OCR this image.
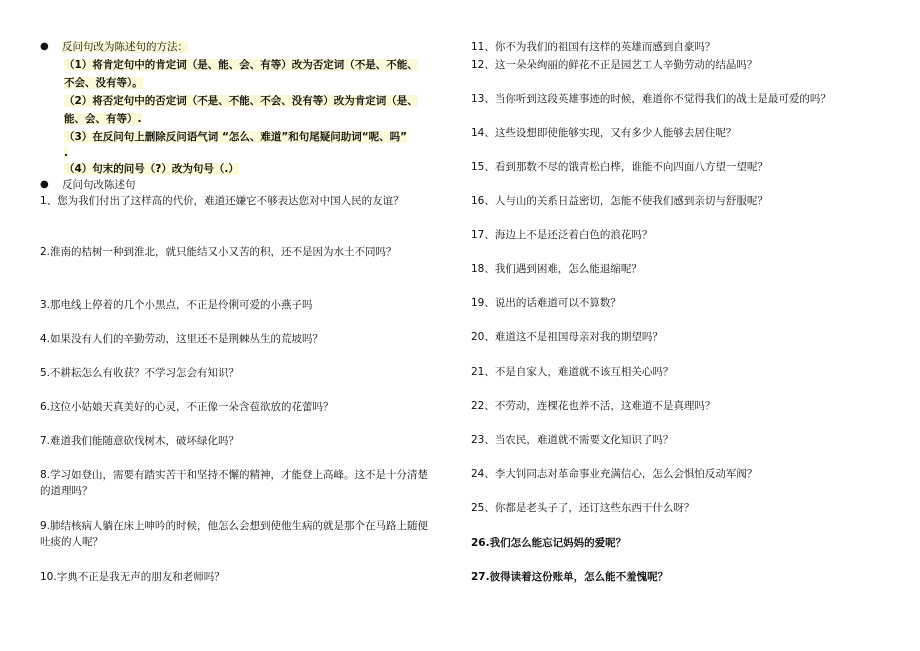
● 反问句改为陈述句的方法：
（1）将肯定句中的肯定词（是、能、会、有等）改为否定词（不是、不能、
不会、没有等）。
（2）将否定句中的否定词（不是、不能、不会、没有等）改为肯定词（是、
能、会、有等）.
（3）在反问句上删除反问语气词 “怎么、难道”和句尾疑问助词“呢、吗”
.
（4）句末的问号（?）改为句号（.）
● 反问句改陈述句
1、您为我们付出了这样高的代价，难道还嫌它不够表达您对中国人民的友谊？
2.淮南的桔树一种到淮北，就只能结又小又苦的积，还不是因为水土不同吗？
3.那电线上停着的几个小黑点，不正是伶俐可爱的小燕子吗
4.如果没有人们的辛勤劳动，这里还不是荆棘丛生的荒坡吗？
5.不耕耘怎么有收获？不学习怎会有知识？
6.这位小姑娘天真美好的心灵，不正像一朵含苞欲放的花蕾吗？
7.难道我们能随意砍伐树木，破坏绿化吗？
8.学习如登山，需要有踏实苦干和坚持不懈的精神，才能登上高峰。这不是十分清楚
的道理吗？
9.肺结核病人躺在床上呻吟的时候，他怎么会想到使他生病的就是那个在马路上随便
吐痰的人呢？
10.字典不正是我无声的朋友和老师吗？
11、你不为我们的祖国有这样的英雄而感到自豪吗？
12、这一朵朵绚丽的鲜花不正是园艺工人辛勤劳动的结晶吗？
13、当你听到这段英雄事迹的时候，难道你不觉得我们的战士是最可爱的吗？
14、这些设想即使能够实现，又有多少人能够去居住呢？
15、看到那数不尽的饿青松白桦，谁能不向四面八方望一望呢？
16、人与山的关系日益密切，怎能不使我们感到亲切与舒服呢？
17、海边上不是还泛着白色的浪花吗？
18、我们遇到困难，怎么能退缩呢？
19、说出的话难道可以不算数？
20、难道这不是祖国母亲对我的期望吗？
21、不是自家人，难道就不该互相关心吗？
22、不劳动，连棵花也养不活，这难道不是真理吗？
23、当农民，难道就不需要文化知识了吗？
24、李大钊同志对革命事业充满信心，怎么会惧怕反动军阀？
25、你都是老头子了，还订这些东西干什么呀？
26.我们怎么能忘记妈妈的爱呢？
27.彼得读着这份账单，怎么能不羞愧呢？
